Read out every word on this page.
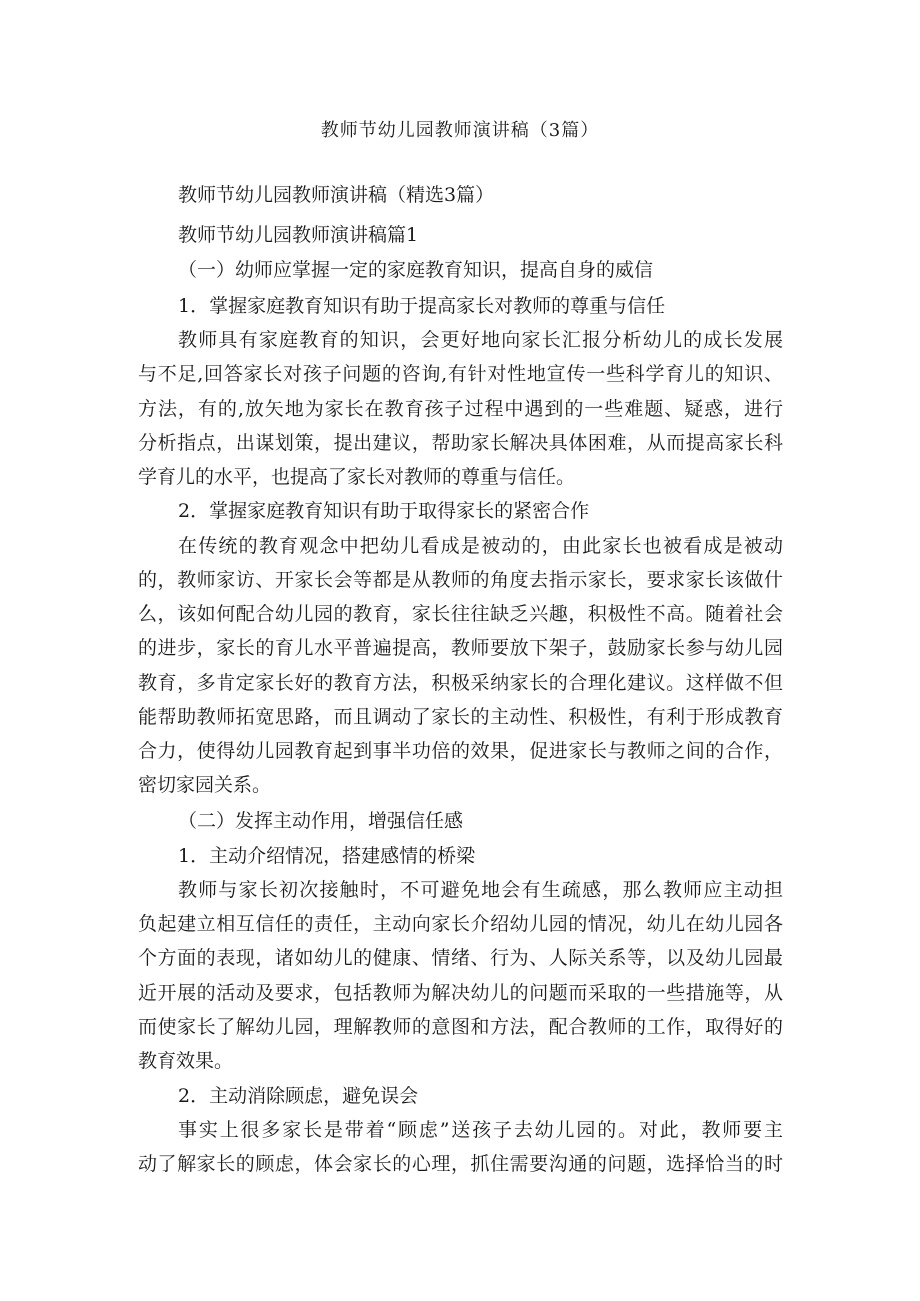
教师节幼儿园教师演讲稿（3篇）
教师节幼儿园教师演讲稿（精选3篇）
教师节幼儿园教师演讲稿篇1
（一）幼师应掌握一定的家庭教育知识，提高自身的威信
1．掌握家庭教育知识有助于提高家长对教师的尊重与信任
教师具有家庭教育的知识，会更好地向家长汇报分析幼儿的成长发展
与不足,回答家长对孩子问题的咨询,有针对性地宣传一些科学育儿的知识、
方法，有的,放矢地为家长在教育孩子过程中遇到的一些难题、疑惑，进行
分析指点，出谋划策，提出建议，帮助家长解决具体困难，从而提高家长科
学育儿的水平，也提高了家长对教师的尊重与信任。
2．掌握家庭教育知识有助于取得家长的紧密合作
在传统的教育观念中把幼儿看成是被动的，由此家长也被看成是被动
的，教师家访、开家长会等都是从教师的角度去指示家长，要求家长该做什
么，该如何配合幼儿园的教育，家长往往缺乏兴趣，积极性不高。随着社会
的进步，家长的育儿水平普遍提高，教师要放下架子，鼓励家长参与幼儿园
教育，多肯定家长好的教育方法，积极采纳家长的合理化建议。这样做不但
能帮助教师拓宽思路，而且调动了家长的主动性、积极性，有利于形成教育
合力，使得幼儿园教育起到事半功倍的效果，促进家长与教师之间的合作，
密切家园关系。
（二）发挥主动作用，增强信任感
1．主动介绍情况，搭建感情的桥梁
教师与家长初次接触时，不可避免地会有生疏感，那么教师应主动担
负起建立相互信任的责任，主动向家长介绍幼儿园的情况，幼儿在幼儿园各
个方面的表现，诸如幼儿的健康、情绪、行为、人际关系等，以及幼儿园最
近开展的活动及要求，包括教师为解决幼儿的问题而采取的一些措施等，从
而使家长了解幼儿园，理解教师的意图和方法，配合教师的工作，取得好的
教育效果。
2．主动消除顾虑，避免误会
事实上很多家长是带着“顾虑”送孩子去幼儿园的。对此，教师要主
动了解家长的顾虑，体会家长的心理，抓住需要沟通的问题，选择恰当的时
